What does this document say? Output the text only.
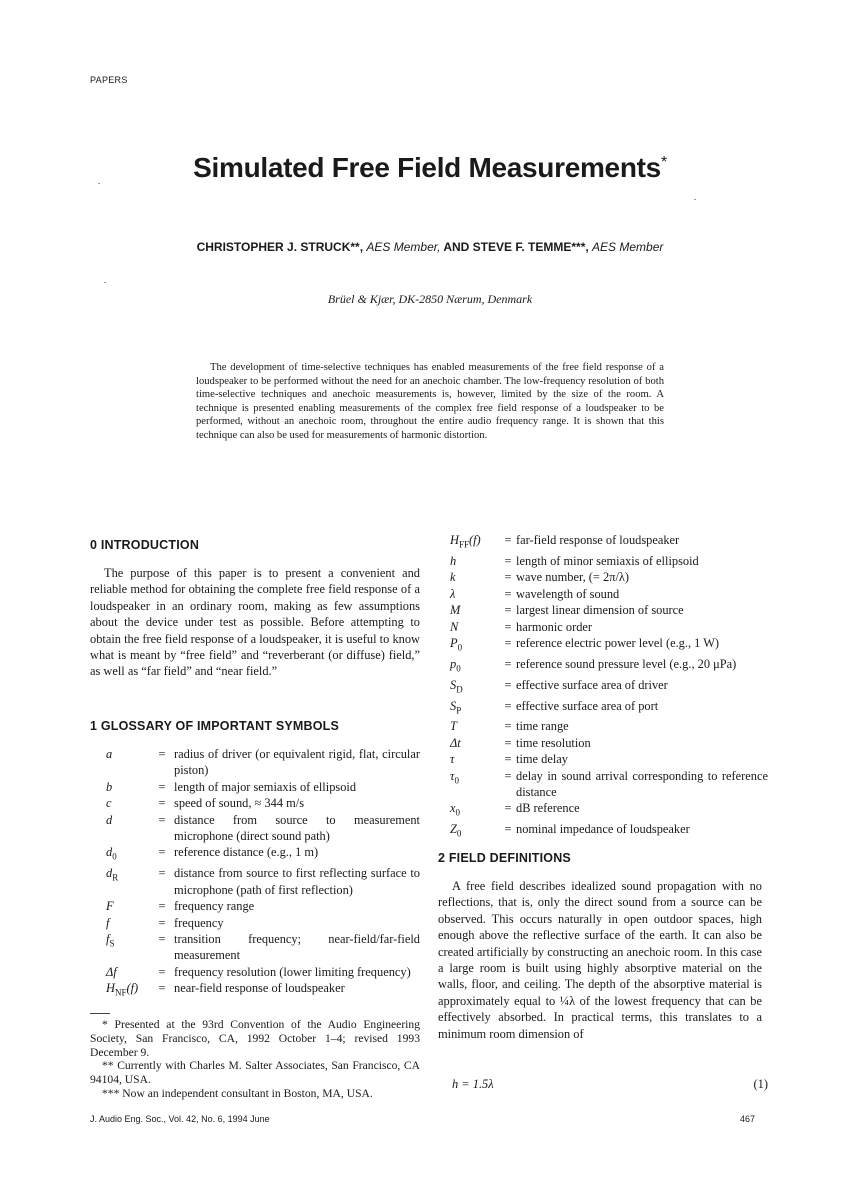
PAPERS
Simulated Free Field Measurements*
CHRISTOPHER J. STRUCK**, AES Member, AND STEVE F. TEMME***, AES Member
Brüel & Kjær, DK-2850 Nærum, Denmark
The development of time-selective techniques has enabled measurements of the free field response of a loudspeaker to be performed without the need for an anechoic chamber. The low-frequency resolution of both time-selective techniques and anechoic measurements is, however, limited by the size of the room. A technique is presented enabling measurements of the complex free field response of a loudspeaker to be performed, without an anechoic room, throughout the entire audio frequency range. It is shown that this technique can also be used for measurements of harmonic distortion.
0 INTRODUCTION

The purpose of this paper is to present a convenient and reliable method for obtaining the complete free field response of a loudspeaker in an ordinary room, making as few assumptions about the device under test as possible. Before attempting to obtain the free field response of a loudspeaker, it is useful to know what is meant by “free field” and “reverberant (or diffuse) field,” as well as “far field” and “near field.”

1 GLOSSARY OF IMPORTANT SYMBOLS
a	= radius of driver (or equivalent rigid, flat, circular piston)
b	= length of major semiaxis of ellipsoid
c	= speed of sound, ≈ 344 m/s
d	= distance from source to measurement microphone (direct sound path)
$d_0$	= reference distance (e.g., 1 m)
$d_R$	= distance from source to first reflecting surface to microphone (path of first reflection)
F	= frequency range
f	= frequency
$f_S$	= transition frequency; near-field/far-field measurement
Δf	= frequency resolution (lower limiting frequency)
$H_{NF}(f)$	= near-field response of loudspeaker

* Presented at the 93rd Convention of the Audio Engineering Society, San Francisco, CA, 1992 October 1–4; revised 1993 December 9.

** Currently with Charles M. Salter Associates, San Francisco, CA 94104, USA.

*** Now an independent consultant in Boston, MA, USA.

$H_{FF}(f)$	= far-field response of loudspeaker
h	= length of minor semiaxis of ellipsoid
k	= wave number, (= 2π/λ)
λ	= wavelength of sound
M	= largest linear dimension of source
N	= harmonic order
$P_0$	= reference electric power level (e.g., 1 W)
$p_0$	= reference sound pressure level (e.g., 20 μPa)
$S_D$	= effective surface area of driver
$S_P$	= effective surface area of port
T	= time range
Δt	= time resolution
τ	= time delay
$\tau_0$	= delay in sound arrival corresponding to reference distance
$x_0$	= dB reference
$Z_0$	= nominal impedance of loudspeaker
2 FIELD DEFINITIONS

A free field describes idealized sound propagation with no reflections, that is, only the direct sound from a source can be observed. This occurs naturally in open outdoor spaces, high enough above the reflective surface of the earth. It can also be created artificially by constructing an anechoic room. In this case a large room is built using highly absorptive material on the walls, floor, and ceiling. The depth of the absorptive material is approximately equal to ¼λ of the lowest frequency that can be effectively absorbed. In practical terms, this translates to a minimum room dimension of

h = 1.5λ	(1)
J. Audio Eng. Soc., Vol. 42, No. 6, 1994 June	467
